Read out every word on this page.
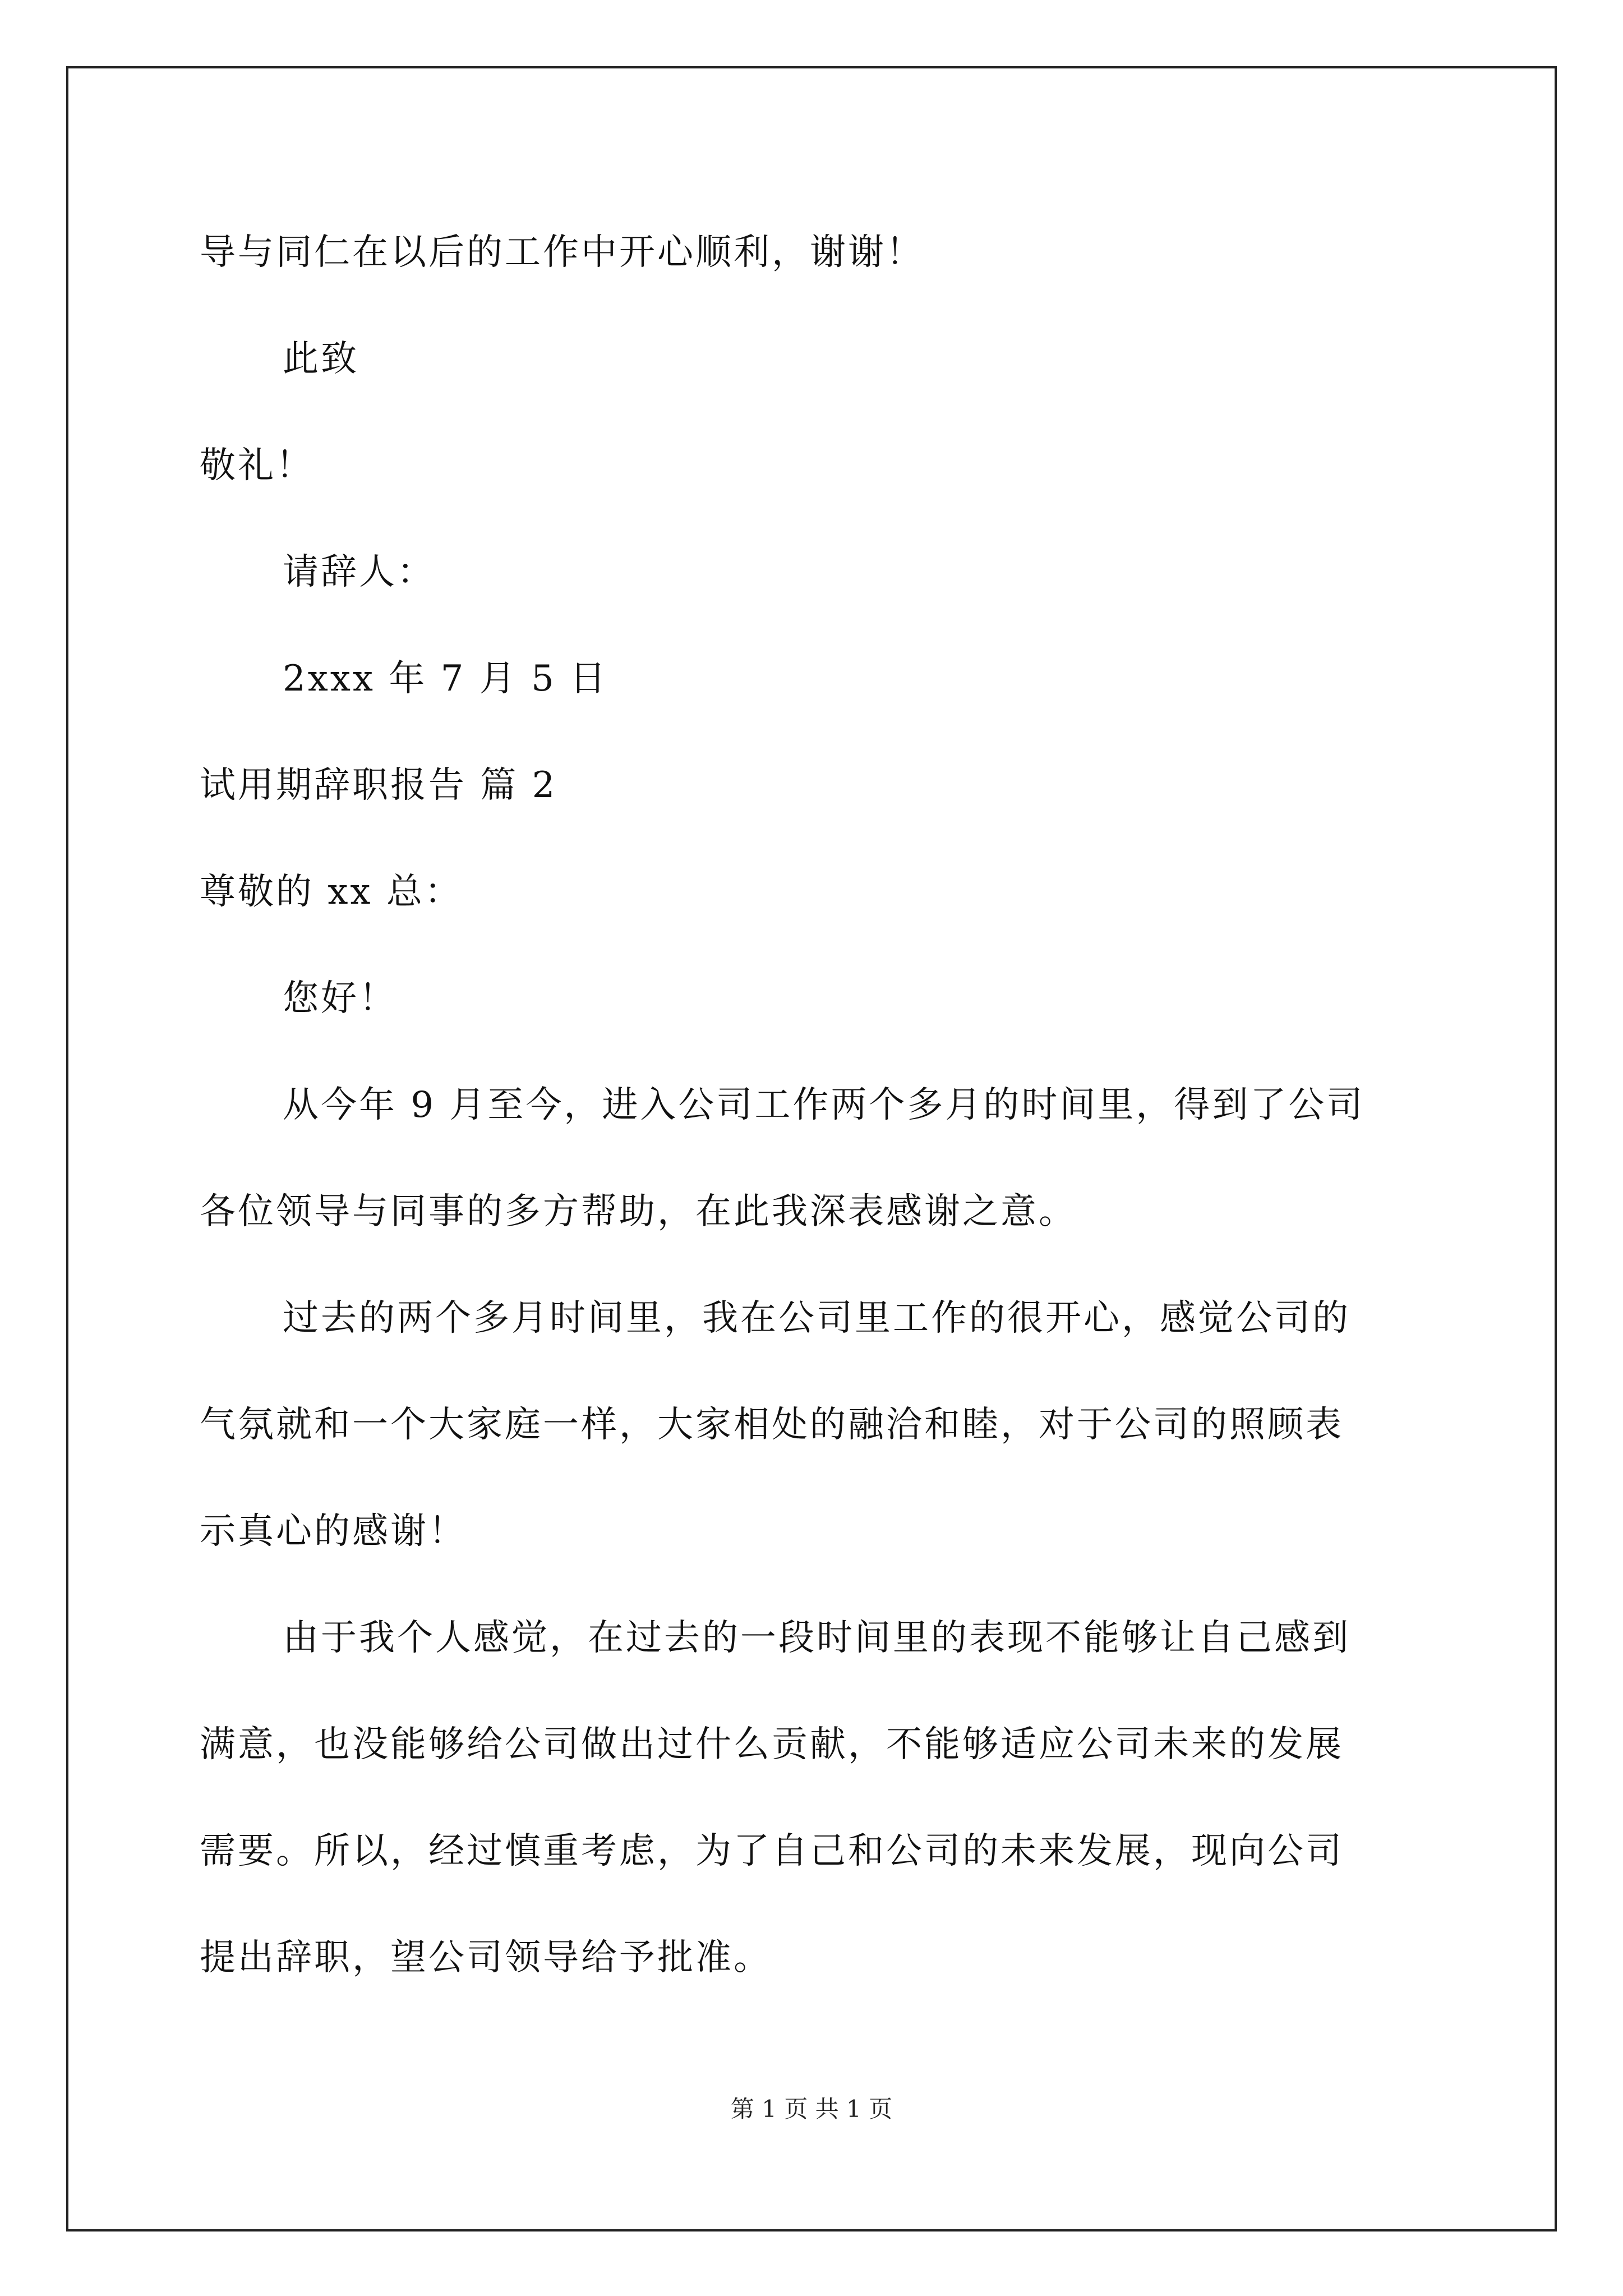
导与同仁在以后的工作中开心顺利，谢谢！
此致
敬礼！
请辞人：
2xxx 年 7 月 5 日
试用期辞职报告 篇 2
尊敬的 xx 总：
您好！
从今年 9 月至今，进入公司工作两个多月的时间里，得到了公司
各位领导与同事的多方帮助，在此我深表感谢之意。
过去的两个多月时间里，我在公司里工作的很开心，感觉公司的
气氛就和一个大家庭一样，大家相处的融洽和睦，对于公司的照顾表
示真心的感谢！
由于我个人感觉，在过去的一段时间里的表现不能够让自己感到
满意，也没能够给公司做出过什么贡献，不能够适应公司未来的发展
需要。所以，经过慎重考虑，为了自己和公司的未来发展，现向公司
提出辞职，望公司领导给予批准。
第 1 页 共 1 页
